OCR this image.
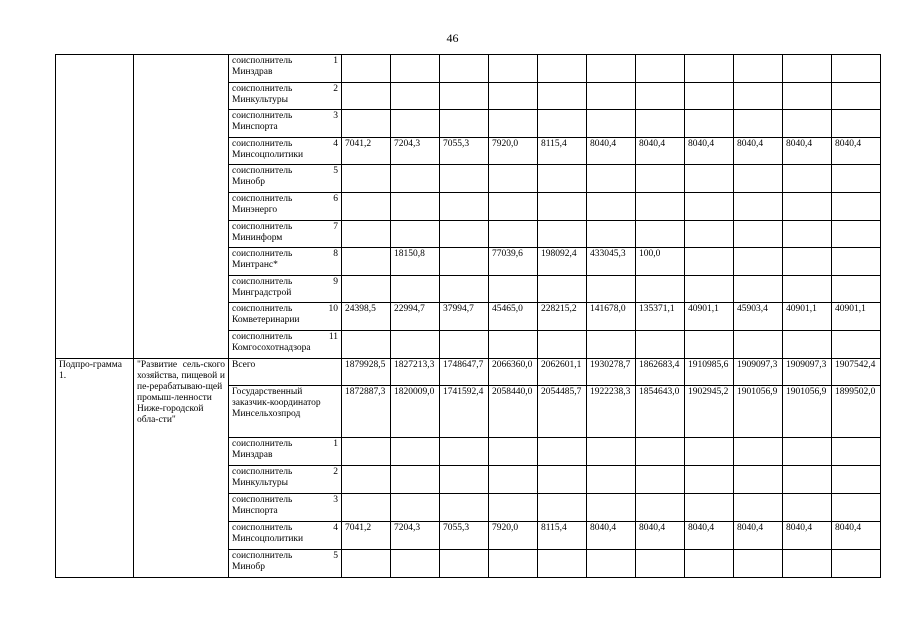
46

		соисполнитель 1
Минздрав											

		соисполнитель 2
Минкультуры											

		соисполнитель 3
Минспорта											

		соисполнитель 4
Минсоцполитики	7041,2	7204,3	7055,3	7920,0	8115,4	8040,4	8040,4	8040,4	8040,4	8040,4	8040,4

		соисполнитель 5
Минобр											

		соисполнитель 6
Минэнерго											

		соисполнитель 7
Мининформ											

		соисполнитель 8
Минтранс*		18150,8		77039,6	198092,4	433045,3	100,0				

		соисполнитель 9
Минградстрой											

		соисполнитель 10
Комветеринарии	24398,5	22994,7	37994,7	45465,0	228215,2	141678,0	135371,1	40901,1	45903,4	40901,1	40901,1

		соисполнитель 11
Комгосохотнадзора											

Подпро-грамма 1.	"Развитие сель-ского хозяйства, пищевой и пе-рерабатываю-щей промыш-ленности Ниже-городской обла-сти"	Всего	1879928,5	1827213,3	1748647,7	2066360,0	2062601,1	1930278,7	1862683,4	1910985,6	1909097,3	1909097,3	1907542,4
		Государственный заказчик-координатор Минсельхозпрод	1872887,3	1820009,0	1741592,4	2058440,0	2054485,7	1922238,3	1854643,0	1902945,2	1901056,9	1901056,9	1899502,0

		соисполнитель 1
Минздрав											

		соисполнитель 2
Минкультуры											

		соисполнитель 3
Минспорта											

		соисполнитель 4
Минсоцполитики	7041,2	7204,3	7055,3	7920,0	8115,4	8040,4	8040,4	8040,4	8040,4	8040,4	8040,4

		соисполнитель 5
Минобр											
